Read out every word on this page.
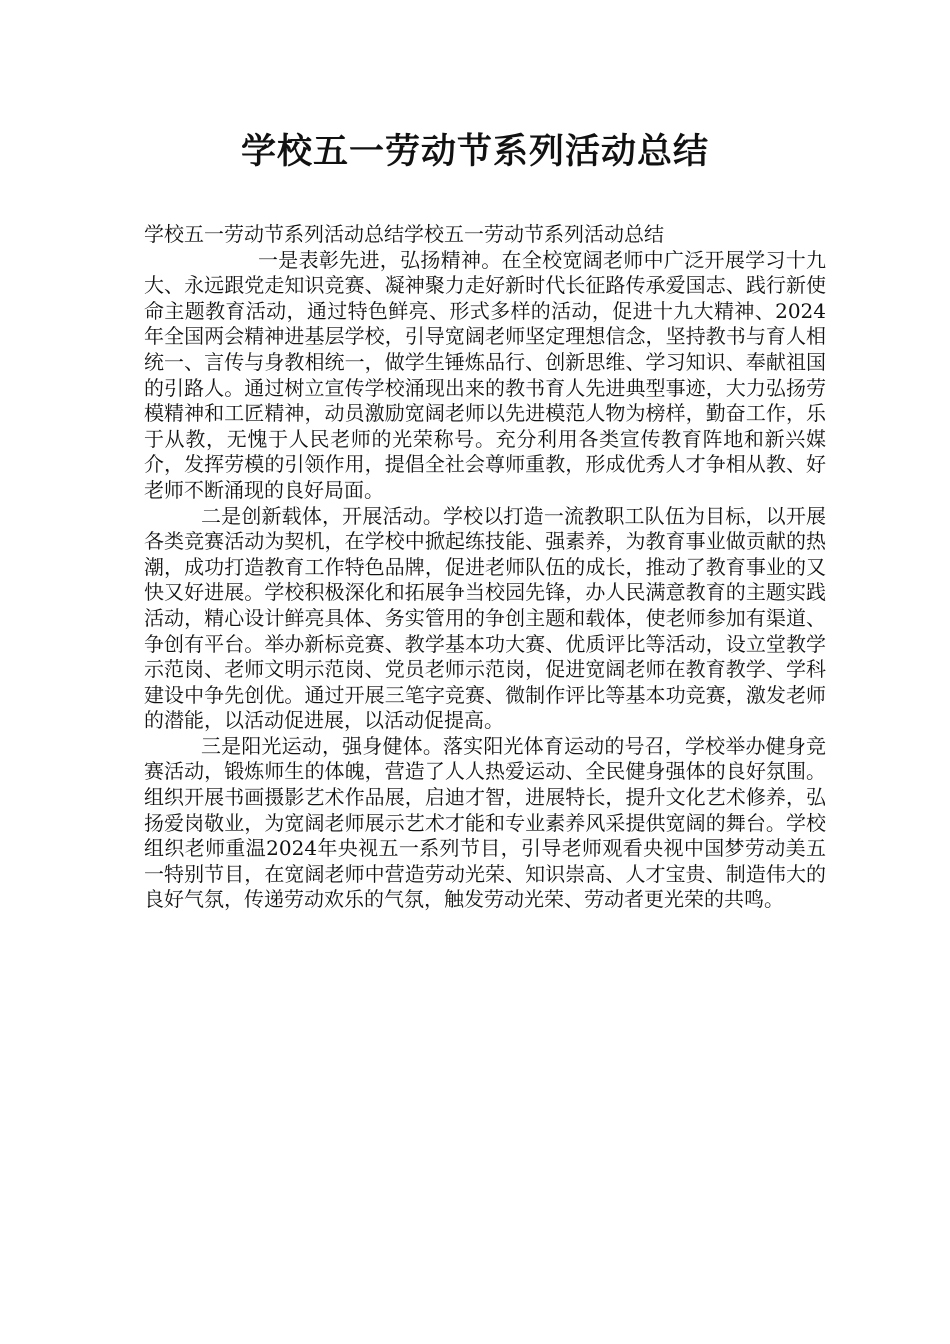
学校五一劳动节系列活动总结

学校五一劳动节系列活动总结学校五一劳动节系列活动总结

一是表彰先进，弘扬精神。在全校宽阔老师中广泛开展学习十九大、永远跟党走知识竞赛、凝神聚力走好新时代长征路传承爱国志、践行新使命主题教育活动，通过特色鲜亮、形式多样的活动，促进十九大精神、2024年全国两会精神进基层学校，引导宽阔老师坚定理想信念，坚持教书与育人相统一、言传与身教相统一，做学生锤炼品行、创新思维、学习知识、奉献祖国的引路人。通过树立宣传学校涌现出来的教书育人先进典型事迹，大力弘扬劳模精神和工匠精神，动员激励宽阔老师以先进模范人物为榜样，勤奋工作，乐于从教，无愧于人民老师的光荣称号。充分利用各类宣传教育阵地和新兴媒介，发挥劳模的引领作用，提倡全社会尊师重教，形成优秀人才争相从教、好老师不断涌现的良好局面。

二是创新载体，开展活动。学校以打造一流教职工队伍为目标，以开展各类竞赛活动为契机，在学校中掀起练技能、强素养，为教育事业做贡献的热潮，成功打造教育工作特色品牌，促进老师队伍的成长，推动了教育事业的又快又好进展。学校积极深化和拓展争当校园先锋，办人民满意教育的主题实践活动，精心设计鲜亮具体、务实管用的争创主题和载体，使老师参加有渠道、争创有平台。举办新标竞赛、教学基本功大赛、优质评比等活动，设立堂教学示范岗、老师文明示范岗、党员老师示范岗，促进宽阔老师在教育教学、学科建设中争先创优。通过开展三笔字竞赛、微制作评比等基本功竞赛，激发老师的潜能，以活动促进展，以活动促提高。

三是阳光运动，强身健体。落实阳光体育运动的号召，学校举办健身竞赛活动，锻炼师生的体魄，营造了人人热爱运动、全民健身强体的良好氛围。组织开展书画摄影艺术作品展，启迪才智，进展特长，提升文化艺术修养，弘扬爱岗敬业，为宽阔老师展示艺术才能和专业素养风采提供宽阔的舞台。学校组织老师重温2024年央视五一系列节目，引导老师观看央视中国梦劳动美五一特别节目，在宽阔老师中营造劳动光荣、知识崇高、人才宝贵、制造伟大的良好气氛，传递劳动欢乐的气氛，触发劳动光荣、劳动者更光荣的共鸣。
